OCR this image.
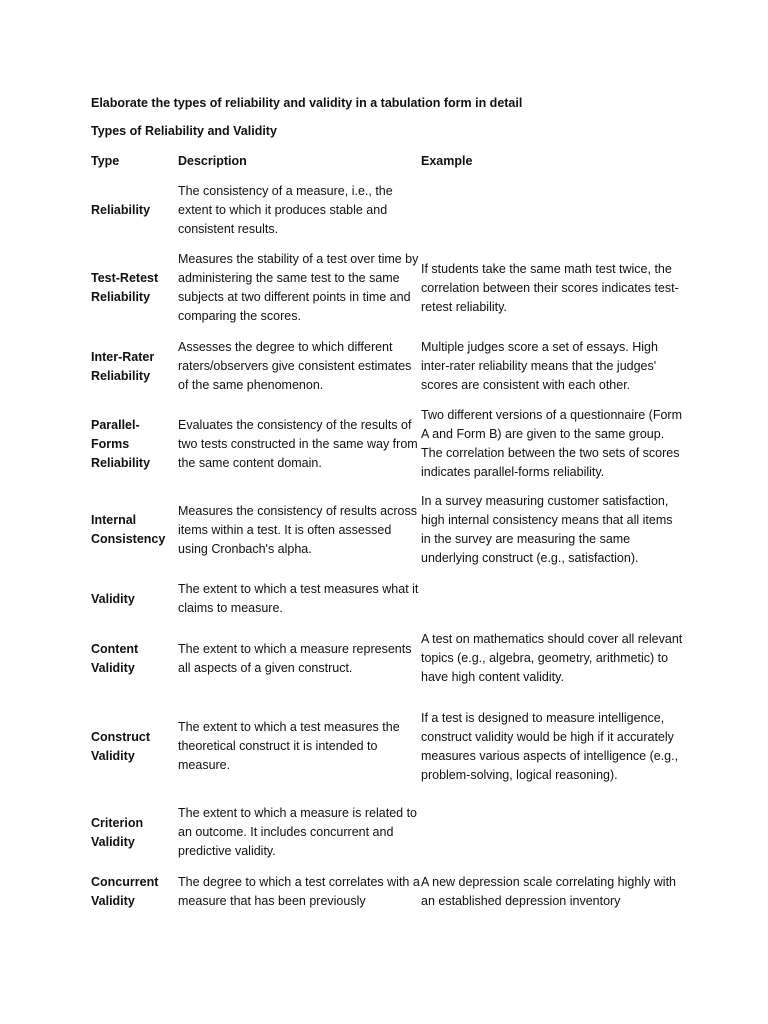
Elaborate the types of reliability and validity in a tabulation form in detail
Types of Reliability and Validity
Type	Description	Example
Reliability
The consistency of a measure, i.e., the extent to which it produces stable and consistent results.
Test-Retest Reliability
Measures the stability of a test over time by administering the same test to the same subjects at two different points in time and comparing the scores.
If students take the same math test twice, the correlation between their scores indicates test-retest reliability.
Inter-Rater Reliability
Assesses the degree to which different raters/observers give consistent estimates of the same phenomenon.
Multiple judges score a set of essays. High inter-rater reliability means that the judges' scores are consistent with each other.
Parallel-Forms Reliability
Evaluates the consistency of the results of two tests constructed in the same way from the same content domain.
Two different versions of a questionnaire (Form A and Form B) are given to the same group. The correlation between the two sets of scores indicates parallel-forms reliability.
Internal Consistency
Measures the consistency of results across items within a test. It is often assessed using Cronbach's alpha.
In a survey measuring customer satisfaction, high internal consistency means that all items in the survey are measuring the same underlying construct (e.g., satisfaction).
Validity
The extent to which a test measures what it claims to measure.
Content Validity
The extent to which a measure represents all aspects of a given construct.
A test on mathematics should cover all relevant topics (e.g., algebra, geometry, arithmetic) to have high content validity.
Construct Validity
The extent to which a test measures the theoretical construct it is intended to measure.
If a test is designed to measure intelligence, construct validity would be high if it accurately measures various aspects of intelligence (e.g., problem-solving, logical reasoning).
Criterion Validity
The extent to which a measure is related to an outcome. It includes concurrent and predictive validity.
Concurrent Validity
The degree to which a test correlates with a measure that has been previously
A new depression scale correlating highly with an established depression inventory
